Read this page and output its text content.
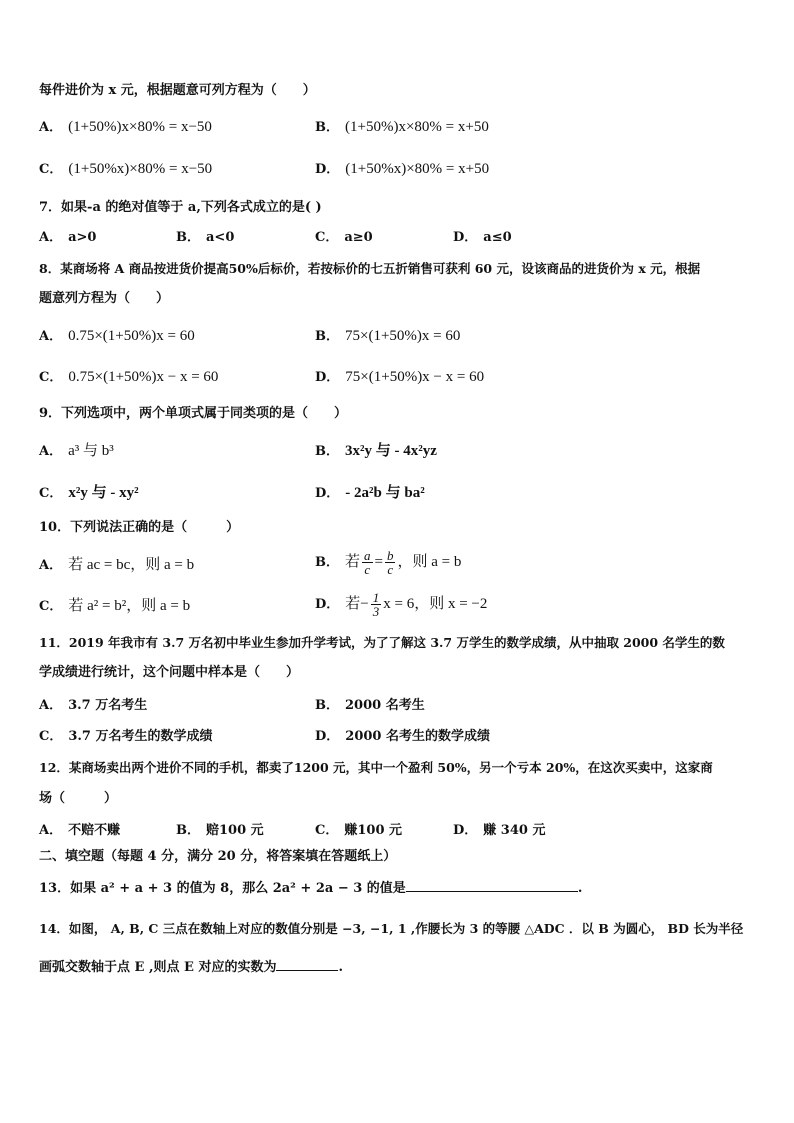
每件进价为 x 元，根据题意可列方程为（　　）
A． (1+50%)x×80% = x−50	B． (1+50%)x×80% = x+50
C． (1+50%x)×80% = x−50	D． (1+50%x)×80% = x+50
7．如果-a 的绝对值等于 a,下列各式成立的是( )
A． a>0	B． a<0	C． a≥0	D． a≤0
8．某商场将 A 商品按进货价提高50%后标价，若按标价的七五折销售可获利 60 元，设该商品的进货价为 x 元，根据
题意列方程为（　　）
A． 0.75×(1+50%)x = 60	B． 75×(1+50%)x = 60
C． 0.75×(1+50%)x − x = 60	D． 75×(1+50%)x − x = 60
9．下列选项中，两个单项式属于同类项的是（　　）
A． a³ 与 b³	B． 3x²y 与 - 4x²yz
C． x²y 与 - xy²	D． - 2a²b 与 ba²
10．下列说法正确的是（　　　）
A． 若 ac = bc，则 a = b	B． 若 $\frac{a}{c} = \frac{b}{c}$ ，则 a = b
C． 若 a² = b²，则 a = b	D． 若− $\frac{1}{3}$ x = 6，则 x = −2
11．2019 年我市有 3.7 万名初中毕业生参加升学考试，为了了解这 3.7 万学生的数学成绩，从中抽取 2000 名学生的数
学成绩进行统计，这个问题中样本是（　　）
A． 3.7 万名考生	B． 2000 名考生
C． 3.7 万名考生的数学成绩	D． 2000 名考生的数学成绩
12．某商场卖出两个进价不同的手机，都卖了1200 元，其中一个盈利 50%，另一个亏本 20%，在这次买卖中，这家商
场（　　　）
A． 不赔不赚	B． 赔100 元	C． 赚100 元	D． 赚 340 元
二、填空题（每题 4 分，满分 20 分，将答案填在答题纸上）
13．如果 a² + a + 3 的值为 8，那么 2a² + 2a − 3 的值是	.
14．如图， A, B, C 三点在数轴上对应的数值分别是 −3, −1, 1 ,作腰长为 3 的等腰 △ADC ．以 B 为圆心， BD 长为半径
画弧交数轴于点 E ,则点 E 对应的实数为	.
